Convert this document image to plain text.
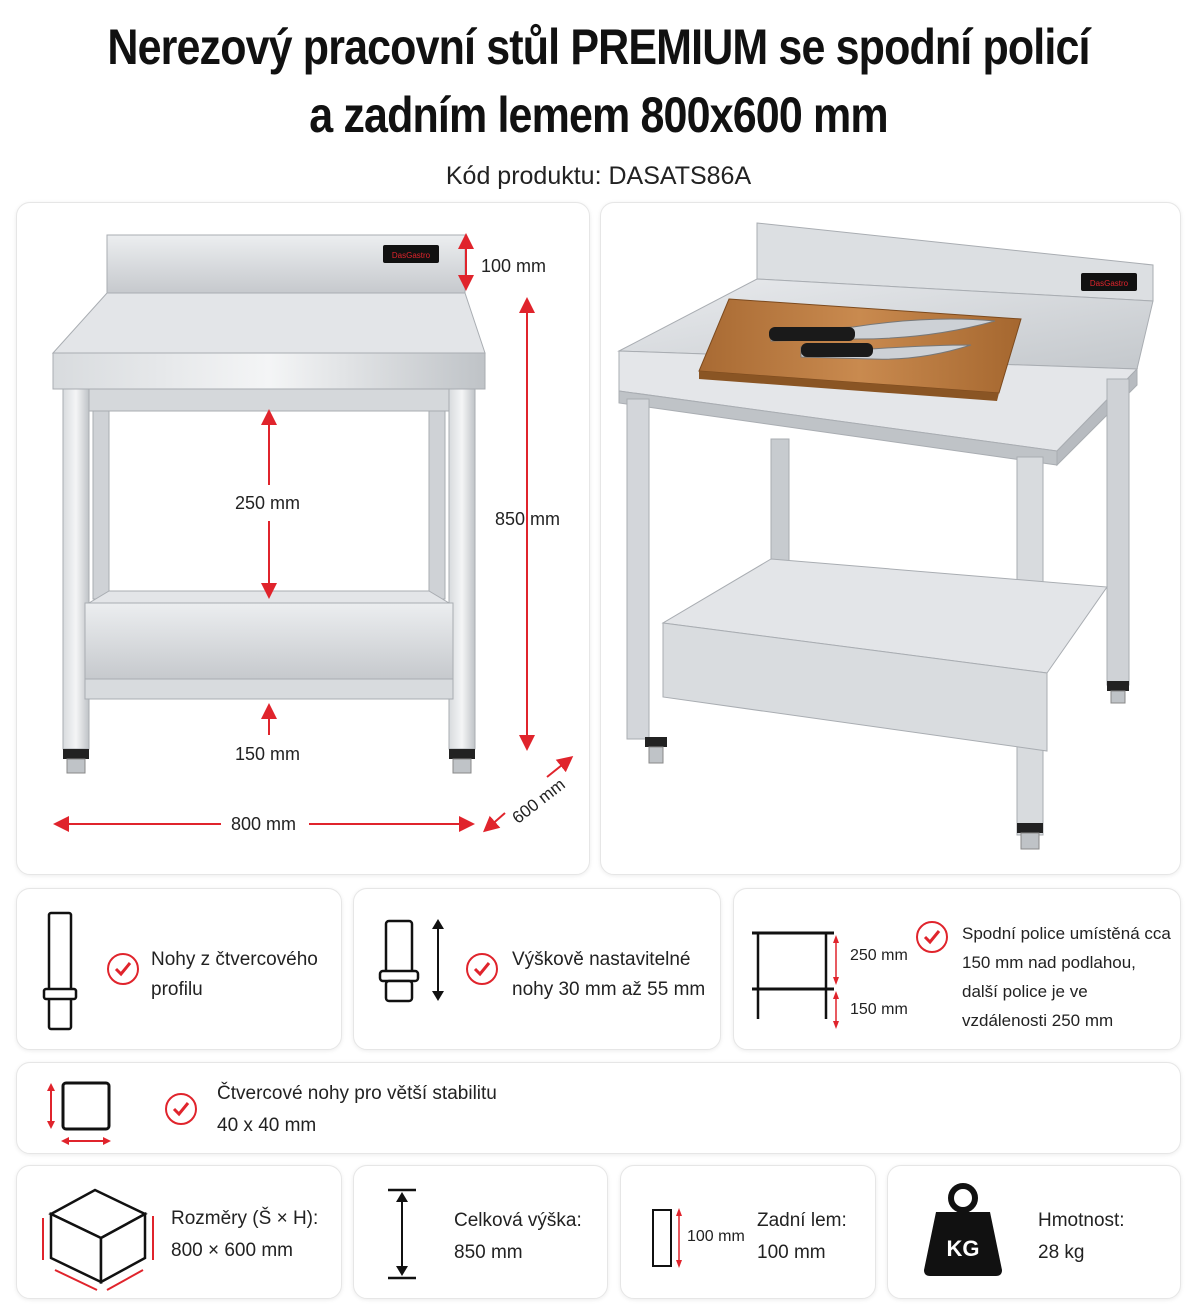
Nerezový pracovní stůl PREMIUM se spodní policí
a zadním lemem 800x600 mm
Kód produktu: DASATS86A
DasGastro
100 mm
850 mm
250 mm
150 mm
800 mm	600 mm
DasGastro
Nohy z čtvercového profilu
Výškově nastavitelné nohy 30 mm až 55 mm
250 mm
150 mm
Spodní police umístěná cca 150 mm nad podlahou, další police je ve vzdálenosti 250 mm
Čtvercové nohy pro větší stabilitu
40 x 40 mm
Rozměry (Š × H):
800 × 600 mm
Celková výška:
850 mm
100 mm
Zadní lem:
100 mm	KG
Hmotnost:
28 kg
